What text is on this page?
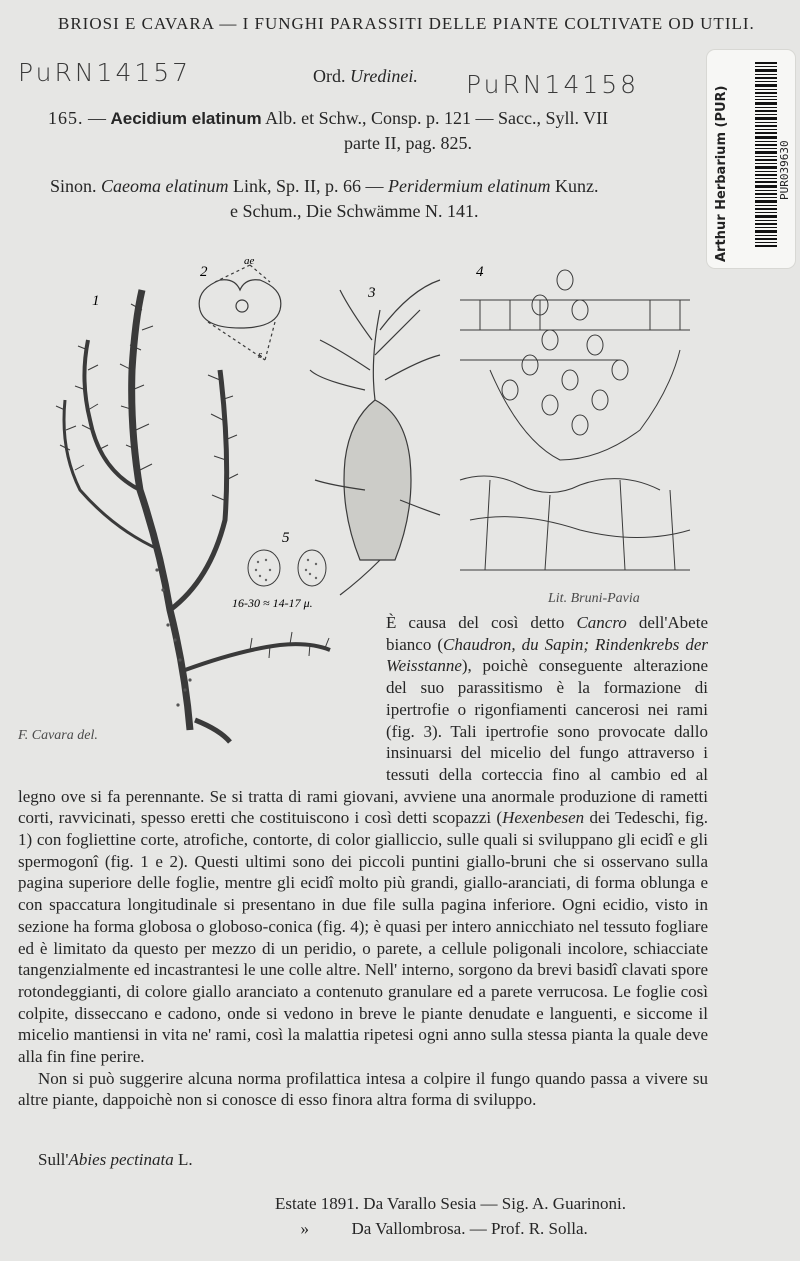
BRIOSI E CAVARA — I FUNGHI PARASSITI DELLE PIANTE COLTIVATE OD UTILI.
PuRN14157	PuRN14158
Ord. Uredinei.
165. — Aecidium elatinum Alb. et Schw., Consp. p. 121 — Sacc., Syll. VII
parte II, pag. 825.
Sinon. Caeoma elatinum Link, Sp. II, p. 66 — Peridermium elatinum Kunz.
e Schum., Die Schwämme N. 141.	Arthur Herbarium (PUR)	PUR039630
1
2
ae
s
3
4
5
16-30 ≈ 14-17 μ.
F. Cavara del.
Lit. Bruni-Pavia

È causa del così detto Cancro dell'Abete bianco (Chaudron, du Sapin; Rindenkrebs der Weisstanne), poichè conseguente alterazione del suo parassitismo è la formazione di ipertrofie o rigonfiamenti cancerosi nei rami (fig. 3). Tali ipertrofie sono provocate dallo insinuarsi del micelio del fungo attraverso i tessuti della corteccia fino al cambio ed al legno ove si fa perennante. Se si tratta di rami giovani, avviene una anormale produzione di rametti corti, ravvicinati, spesso eretti che costituiscono i così detti scopazzi (Hexenbesen dei Tedeschi, fig. 1) con fogliettine corte, atrofiche, contorte, di color gialliccio, sulle quali si sviluppano gli ecidî e gli spermogonî (fig. 1 e 2). Questi ultimi sono dei piccoli puntini giallo-bruni che si osservano sulla pagina superiore delle foglie, mentre gli ecidî molto più grandi, giallo-aranciati, di forma oblunga e con spaccatura longitudinale si presentano in due file sulla pagina inferiore. Ogni ecidio, visto in sezione ha forma globosa o globoso-conica (fig. 4); è quasi per intero annicchiato nel tessuto fogliare ed è limitato da questo per mezzo di un peridio, o parete, a cellule poligonali incolore, schiacciate tangenzialmente ed incastrantesi le une colle altre. Nell' interno, sorgono da brevi basidî clavati spore rotondeggianti, di colore giallo aranciato a contenuto granulare ed a parete verrucosa. Le foglie così colpite, disseccano e cadono, onde si vedono in breve le piante denudate e languenti, e siccome il micelio mantiensi in vita ne' rami, così la malattia ripetesi ogni anno sulla stessa pianta la quale deve alla fin fine perire.

Non si può suggerire alcuna norma profilattica intesa a colpire il fungo quando passa a vivere su altre piante, dappoichè non si conosce di esso finora altra forma di sviluppo.

Sull'Abies pectinata L.
Estate 1891. Da Varallo Sesia — Sig. A. Guarinoni.
»          Da Vallombrosa. — Prof. R. Solla.
